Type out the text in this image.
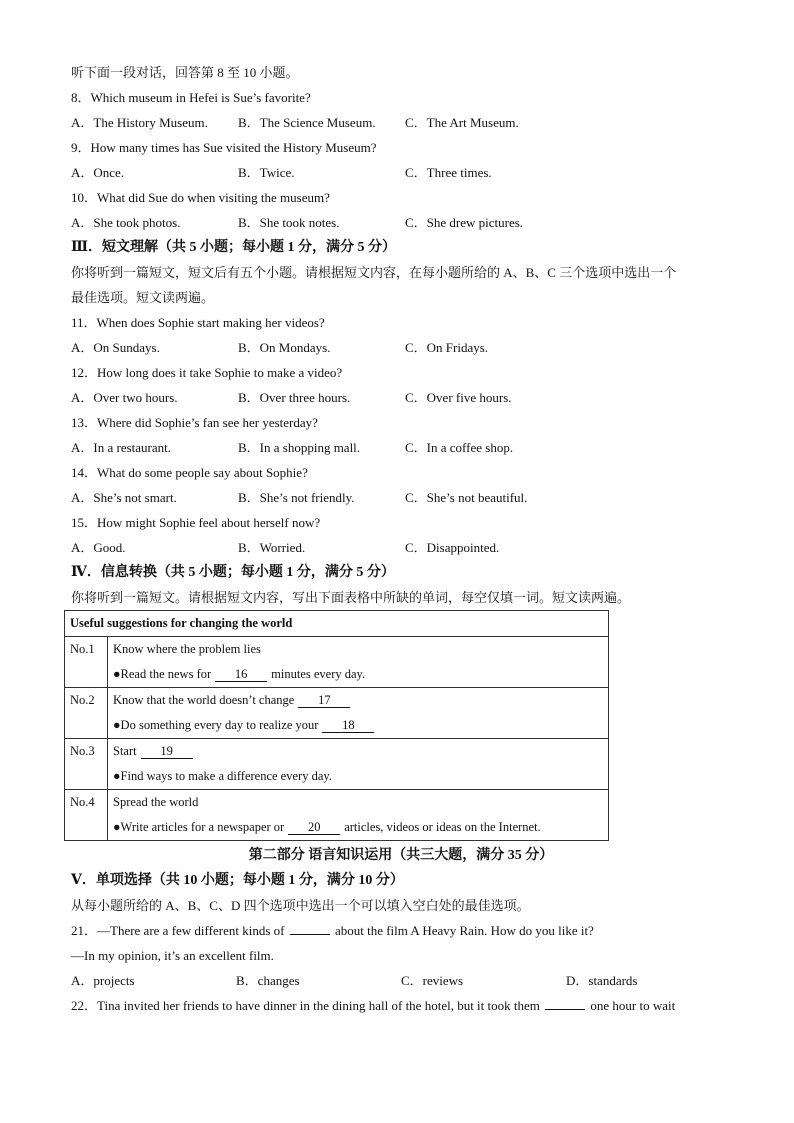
听下面一段对话，回答第 8 至 10 小题。
8．Which museum in Hefei is Sue’s favorite?
A．The History Museum.	B．The Science Museum.	C．The Art Museum.
9．How many times has Sue visited the History Museum?
A．Once.	B．Twice.	C．Three times.
10．What did Sue do when visiting the museum?
A．She took photos.	B．She took notes.	C．She drew pictures.
Ⅲ．短文理解（共 5 小题；每小题 1 分，满分 5 分）
你将听到一篇短文，短文后有五个小题。请根据短文内容，在每小题所给的 A、B、C 三个选项中选出一个
最佳选项。短文读两遍。
11．When does Sophie start making her videos?
A．On Sundays.	B．On Mondays.	C．On Fridays.
12．How long does it take Sophie to make a video?
A．Over two hours.	B．Over three hours.	C．Over five hours.
13．Where did Sophie’s fan see her yesterday?
A．In a restaurant.	B．In a shopping mall.	C．In a coffee shop.
14．What do some people say about Sophie?
A．She’s not smart.	B．She’s not friendly.	C．She’s not beautiful.
15．How might Sophie feel about herself now?
A．Good.	B．Worried.	C．Disappointed.
Ⅳ．信息转换（共 5 小题；每小题 1 分，满分 5 分）
你将听到一篇短文。请根据短文内容，写出下面表格中所缺的单词，每空仅填一词。短文读两遍。
Useful suggestions for changing the world	
No.1	Know where the problem lies
●Read the news for 16 minutes every day.

No.2	Know that the world doesn’t change 17
●Do something every day to realize your 18

No.3	Start 19
●Find ways to make a difference every day.

No.4	Spread the world
●Write articles for a newspaper or 20 articles, videos or ideas on the Internet.
第二部分 语言知识运用（共三大题，满分 35 分）
Ⅴ．单项选择（共 10 小题；每小题 1 分，满分 10 分）
从每小题所给的 A、B、C、D 四个选项中选出一个可以填入空白处的最佳选项。
21．—There are a few different kinds of	about the film A Heavy Rain. How do you like it?
—In my opinion, it’s an excellent film.
A．projects	B．changes	C．reviews	D．standards
22．Tina invited her friends to have dinner in the dining hall of the hotel, but it took them	one hour to wait
